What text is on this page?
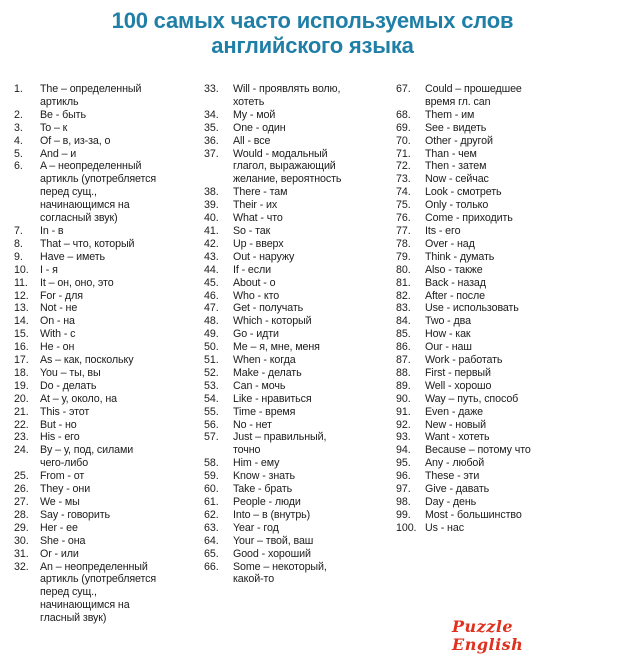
100 самых часто используемых слов
английского языка
1.	The – определенный
артикль
2.	Be - быть
3.	To – к
4.	Of – в, из-за, о
5.	And – и
6.	A – неопределенный
артикль (употребляется
перед сущ.,
начинающимся на
согласный звук)
7.	In - в
8.	That – что, который
9.	Have – иметь
10.	I - я
11.	It – он, оно, это
12.	For - для
13.	Not - не
14.	On - на
15.	With - с
16.	He - он
17.	As – как, поскольку
18.	You – ты, вы
19.	Do - делать
20.	At – у, около, на
21.	This - этот
22.	But - но
23.	His - его
24.	By – у, под, силами
чего-либо
25.	From - от
26.	They - они
27.	We - мы
28.	Say - говорить
29.	Her - ее
30.	She - она
31.	Or - или
32.	An – неопределенный
артикль (употребляется
перед сущ.,
начинающимся на
гласный звук)
33.	Will - проявлять волю,
хотеть
34.	My - мой
35.	One - один
36.	All - все
37.	Would - модальный
глагол, выражающий
желание, вероятность
38.	There - там
39.	Their - их
40.	What - что
41.	So - так
42.	Up - вверх
43.	Out - наружу
44.	If - если
45.	About - о
46.	Who - кто
47.	Get - получать
48.	Which - который
49.	Go - идти
50.	Me – я, мне, меня
51.	When - когда
52.	Make - делать
53.	Can - мочь
54.	Like - нравиться
55.	Time - время
56.	No - нет
57.	Just – правильный,
точно
58.	Him - ему
59.	Know - знать
60.	Take - брать
61.	People - люди
62.	Into – в (внутрь)
63.	Year - год
64.	Your – твой, ваш
65.	Good - хороший
66.	Some – некоторый,
какой-то
67.	Could – прошедшее
время гл. can
68.	Them - им
69.	See - видеть
70.	Other - другой
71.	Than - чем
72.	Then - затем
73.	Now - сейчас
74.	Look - смотреть
75.	Only - только
76.	Come - приходить
77.	Its - его
78.	Over - над
79.	Think - думать
80.	Also - также
81.	Back - назад
82.	After - после
83.	Use - использовать
84.	Two - два
85.	How - как
86.	Our - наш
87.	Work - работать
88.	First - первый
89.	Well - хорошо
90.	Way – путь, способ
91.	Even - даже
92.	New - новый
93.	Want - хотеть
94.	Because – потому что
95.	Any - любой
96.	These - эти
97.	Give - давать
98.	Day - день
99.	Most - большинство
100. Us - нас
Puzzle English
